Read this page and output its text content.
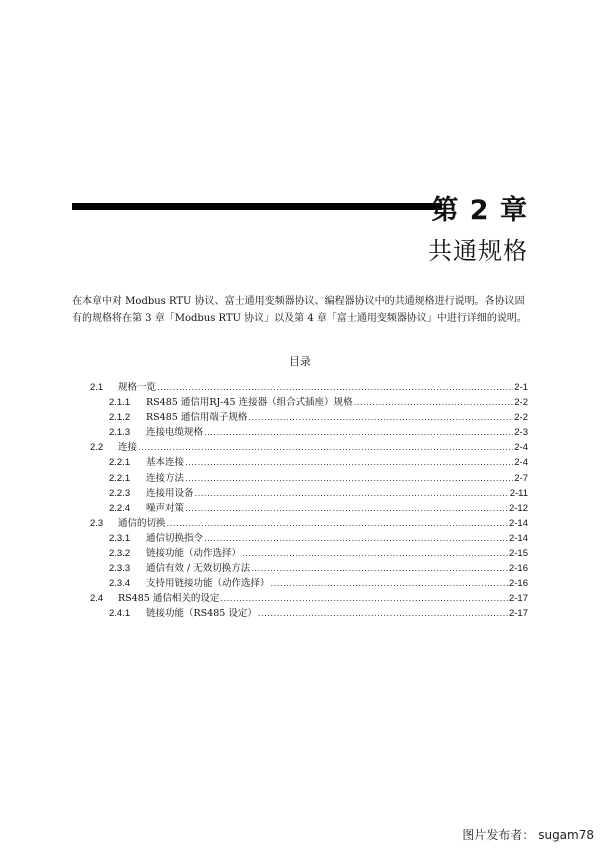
第 2 章
共通规格
在本章中对 Modbus RTU 协议、富士通用变频器协议、编程器协议中的共通规格进行说明。各协议固有的规格将在第 3 章「Modbus RTU 协议」以及第 4 章「富士通用变频器协议」中进行详细的说明。
目录
2.1	规格一览 .....	2-1
2.1.1	RS485 通信用RJ-45 连接器（组合式插座）规格 .....	2-2
2.1.2	RS485 通信用端子规格 .....	2-2
2.1.3	连接电缆规格 .....	2-3
2.2	连接 .....	2-4
2.2.1	基本连接 .....	2-4
2.2.1	连接方法 .....	2-7
2.2.3	连接用设备 .....	2-11
2.2.4	噪声对策 .....	2-12
2.3	通信的切换 .....	2-14
2.3.1	通信切换指令 .....	2-14
2.3.2	链接功能（动作选择） .....	2-15
2.3.3	通信有效 / 无效切换方法 .....	2-16
2.3.4	支持用链接功能（动作选择） .....	2-16
2.4	RS485 通信相关的设定 .....	2-17
2.4.1	链接功能（RS485 设定） .....	2-17
图片发布者： sugam78
